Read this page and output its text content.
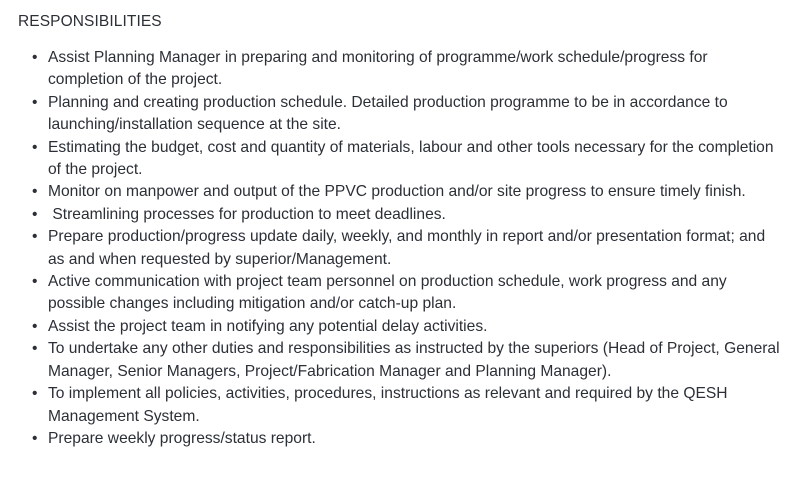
RESPONSIBILITIES
• Assist Planning Manager in preparing and monitoring of programme/work schedule/progress for completion of the project.
• Planning and creating production schedule. Detailed production programme to be in accordance to launching/installation sequence at the site.
• Estimating the budget, cost and quantity of materials, labour and other tools necessary for the completion of the project.
• Monitor on manpower and output of the PPVC production and/or site progress to ensure timely finish.
• Streamlining processes for production to meet deadlines.
• Prepare production/progress update daily, weekly, and monthly in report and/or presentation format; and as and when requested by superior/Management.
• Active communication with project team personnel on production schedule, work progress and any possible changes including mitigation and/or catch-up plan.
• Assist the project team in notifying any potential delay activities.
• To undertake any other duties and responsibilities as instructed by the superiors (Head of Project, General Manager, Senior Managers, Project/Fabrication Manager and Planning Manager).
• To implement all policies, activities, procedures, instructions as relevant and required by the QESH Management System.
• Prepare weekly progress/status report.
